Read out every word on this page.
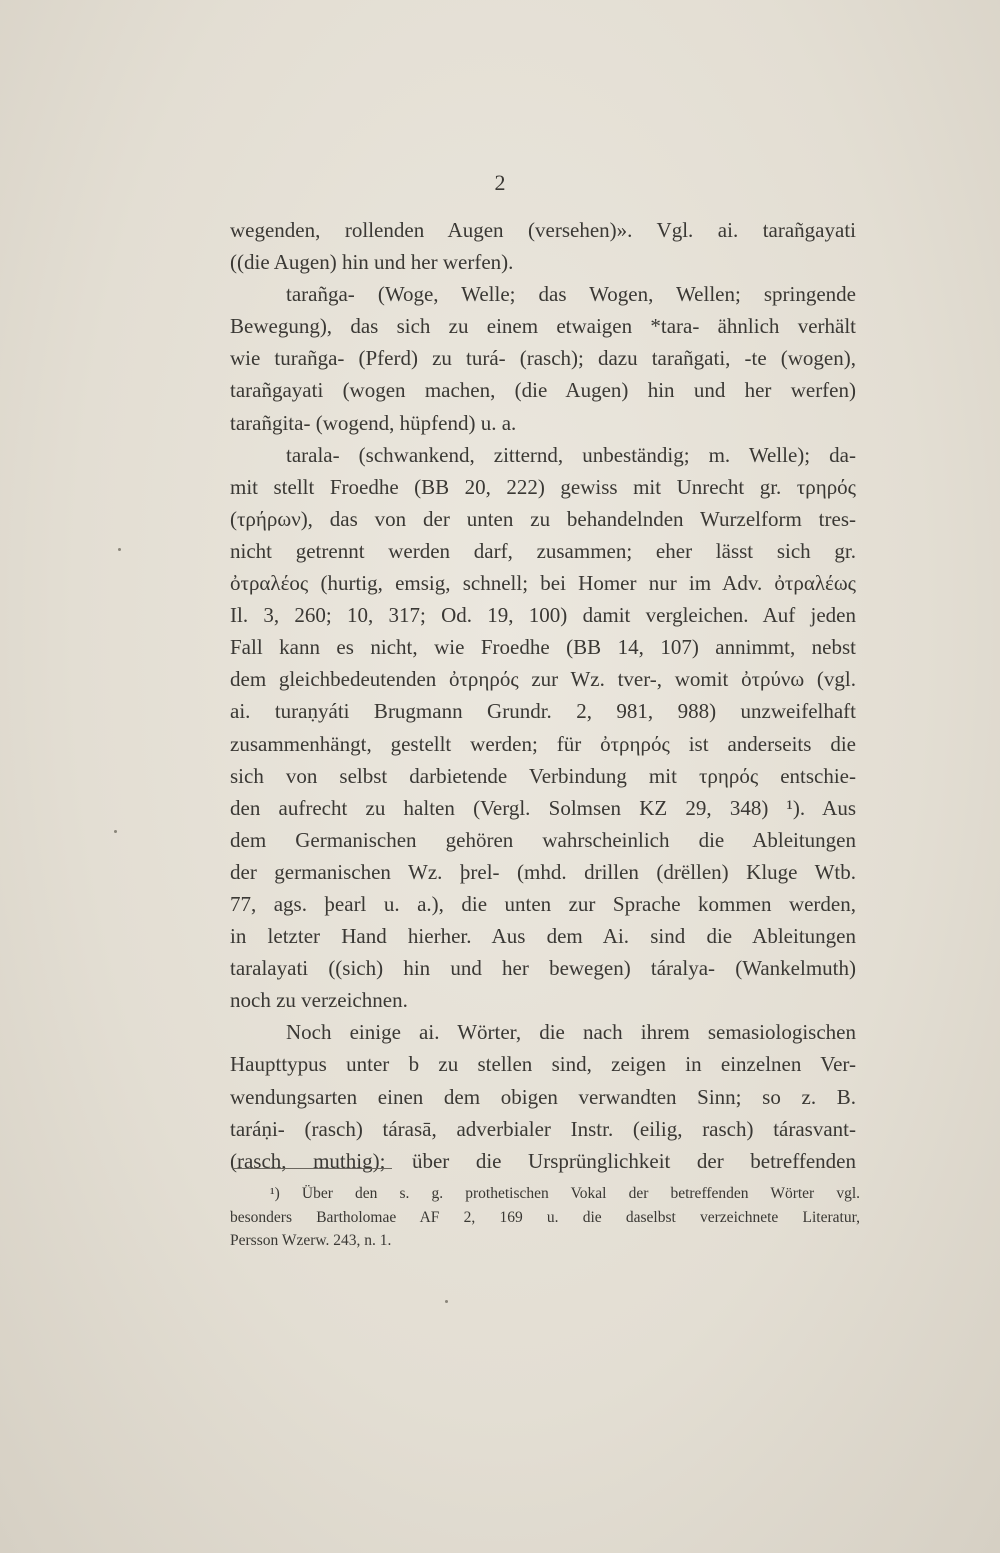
2
wegenden, rollenden Augen (versehen)». Vgl. ai. tarañgayati
((die Augen) hin und her werfen).
tarañga- (Woge, Welle; das Wogen, Wellen; springende
Bewegung), das sich zu einem etwaigen *tara- ähnlich verhält
wie turañga- (Pferd) zu turá- (rasch); dazu tarañgati, -te (wogen),
tarañgayati (wogen machen, (die Augen) hin und her werfen)
tarañgita- (wogend, hüpfend) u. a.
tarala- (schwankend, zitternd, unbeständig; m. Welle); da-
mit stellt Froedhe (BB 20, 222) gewiss mit Unrecht gr. τρηρός
(τρήρων), das von der unten zu behandelnden Wurzelform tres-
nicht getrennt werden darf, zusammen; eher lässt sich gr.
ὀτραλέος (hurtig, emsig, schnell; bei Homer nur im Adv. ὀτραλέως
Il. 3, 260; 10, 317; Od. 19, 100) damit vergleichen. Auf jeden
Fall kann es nicht, wie Froedhe (BB 14, 107) annimmt, nebst
dem gleichbedeutenden ὀτρηρός zur Wz. tver-, womit ὀτρύνω (vgl.
ai. turaṇyáti Brugmann Grundr. 2, 981, 988) unzweifelhaft
zusammenhängt, gestellt werden; für ὀτρηρός ist anderseits die
sich von selbst darbietende Verbindung mit τρηρός entschie-
den aufrecht zu halten (Vergl. Solmsen KZ 29, 348) ¹). Aus
dem Germanischen gehören wahrscheinlich die Ableitungen
der germanischen Wz. þrel- (mhd. drillen (drëllen) Kluge Wtb.
77, ags. þearl u. a.), die unten zur Sprache kommen werden,
in letzter Hand hierher. Aus dem Ai. sind die Ableitungen
taralayati ((sich) hin und her bewegen) táralya- (Wankelmuth)
noch zu verzeichnen.
Noch einige ai. Wörter, die nach ihrem semasiologischen
Haupttypus unter b zu stellen sind, zeigen in einzelnen Ver-
wendungsarten einen dem obigen verwandten Sinn; so z. B.
taráṇi- (rasch) tárasā, adverbialer Instr. (eilig, rasch) tárasvant-
(rasch, muthig); über die Ursprünglichkeit der betreffenden
¹) Über den s. g. prothetischen Vokal der betreffenden Wörter vgl.
besonders Bartholomae AF 2, 169 u. die daselbst verzeichnete Literatur,
Persson Wzerw. 243, n. 1.
